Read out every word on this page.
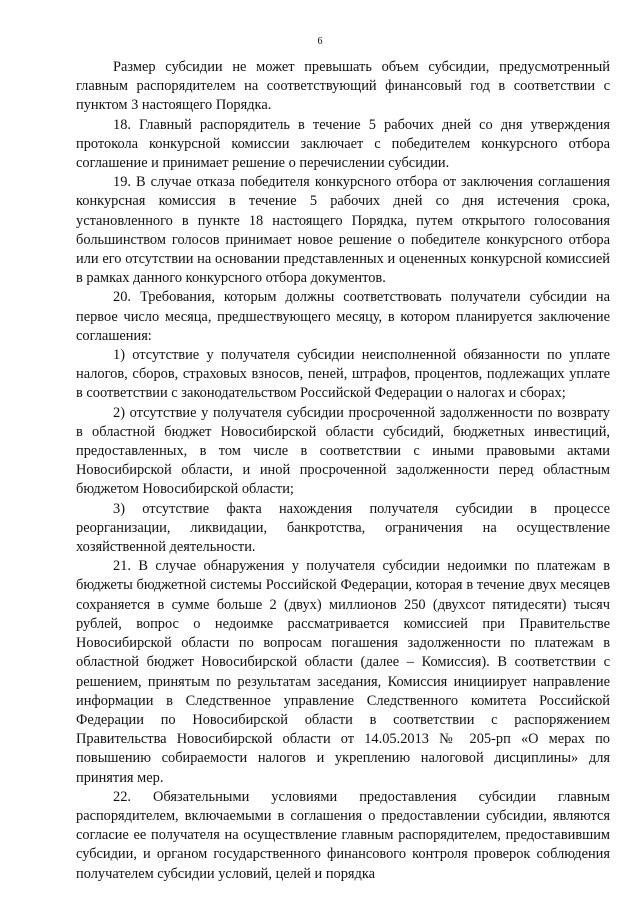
6

Размер субсидии не может превышать объем субсидии, предусмотренный главным распорядителем на соответствующий финансовый год в соответствии с пунктом 3 настоящего Порядка.

18. Главный распорядитель в течение 5 рабочих дней со дня утверждения протокола конкурсной комиссии заключает с победителем конкурсного отбора соглашение и принимает решение о перечислении субсидии.

19. В случае отказа победителя конкурсного отбора от заключения соглашения конкурсная комиссия в течение 5 рабочих дней со дня истечения срока, установленного в пункте 18 настоящего Порядка, путем открытого голосования большинством голосов принимает новое решение о победителе конкурсного отбора или его отсутствии на основании представленных и оцененных конкурсной комиссией в рамках данного конкурсного отбора документов.

20. Требования, которым должны соответствовать получатели субсидии на первое число месяца, предшествующего месяцу, в котором планируется заключение соглашения:

1) отсутствие у получателя субсидии неисполненной обязанности по уплате налогов, сборов, страховых взносов, пеней, штрафов, процентов, подлежащих уплате в соответствии с законодательством Российской Федерации о налогах и сборах;

2) отсутствие у получателя субсидии просроченной задолженности по возврату в областной бюджет Новосибирской области субсидий, бюджетных инвестиций, предоставленных, в том числе в соответствии с иными правовыми актами Новосибирской области, и иной просроченной задолженности перед областным бюджетом Новосибирской области;

3) отсутствие факта нахождения получателя субсидии в процессе реорганизации, ликвидации, банкротства, ограничения на осуществление хозяйственной деятельности.

21. В случае обнаружения у получателя субсидии недоимки по платежам в бюджеты бюджетной системы Российской Федерации, которая в течение двух месяцев сохраняется в сумме больше 2 (двух) миллионов 250 (двухсот пятидесяти) тысяч рублей, вопрос о недоимке рассматривается комиссией при Правительстве Новосибирской области по вопросам погашения задолженности по платежам в областной бюджет Новосибирской области (далее – Комиссия). В соответствии с решением, принятым по результатам заседания, Комиссия инициирует направление информации в Следственное управление Следственного комитета Российской Федерации по Новосибирской области в соответствии с распоряжением Правительства Новосибирской области от 14.05.2013 № 205-рп «О мерах по повышению собираемости налогов и укреплению налоговой дисциплины» для принятия мер.

22. Обязательными условиями предоставления субсидии главным распорядителем, включаемыми в соглашения о предоставлении субсидии, являются согласие ее получателя на осуществление главным распорядителем, предоставившим субсидии, и органом государственного финансового контроля проверок соблюдения получателем субсидии условий, целей и порядка
